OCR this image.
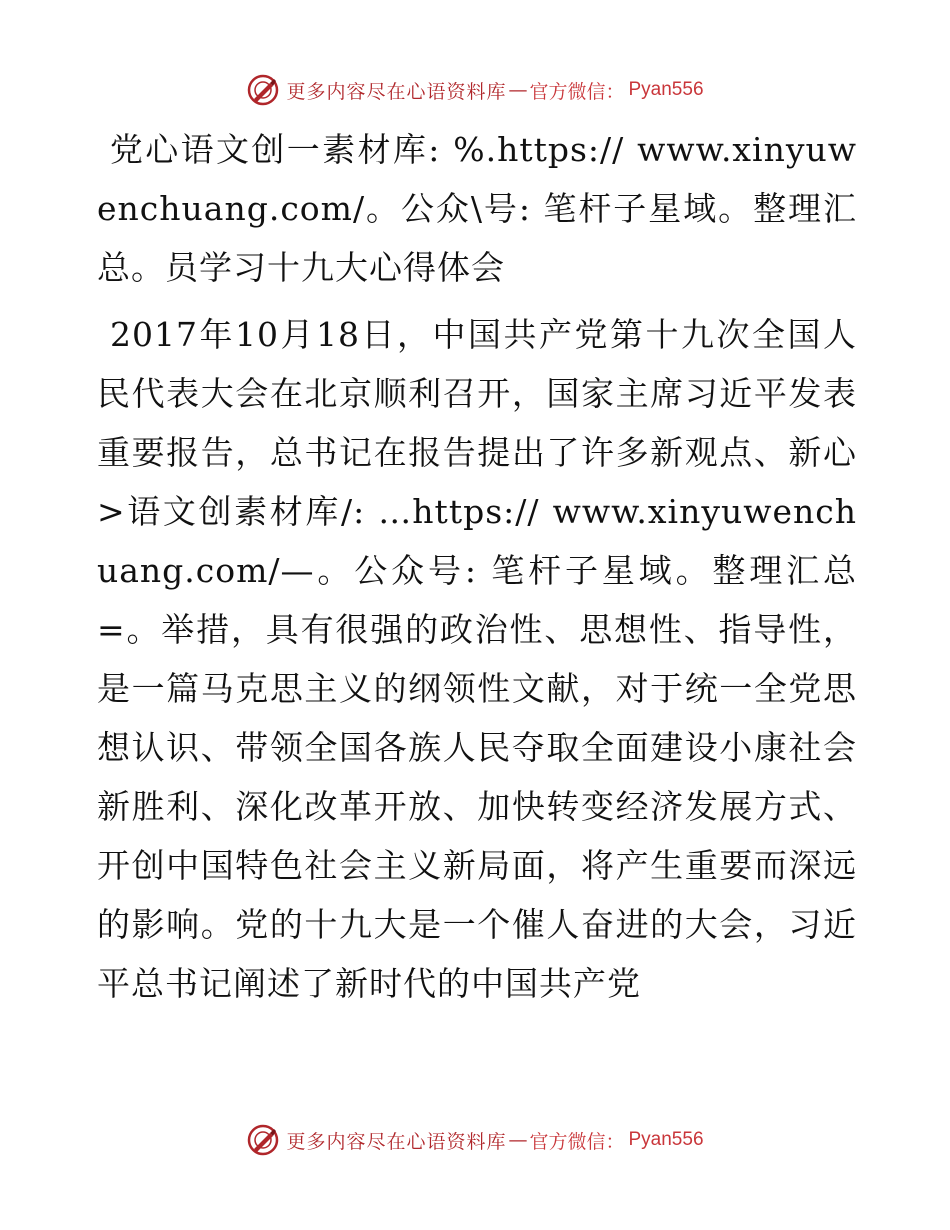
更多内容尽在心语资料库 — 官方微信： Pyan556

党心语文创一素材库: %.https:// www.xinyuwenchuang.com/。公众\号: 笔杆子星域。整理汇总。员学习十九大心得体会

2017年10月18日，中国共产党第十九次全国人民代表大会在北京顺利召开，国家主席习近平发表重要报告，总书记在报告提出了许多新观点、新心>语文创素材库/: …https:// www.xinyuwenchuang.com/—。公众号: 笔杆子星域。整理汇总=。举措，具有很强的政治性、思想性、指导性，是一篇马克思主义的纲领性文献，对于统一全党思想认识、带领全国各族人民夺取全面建设小康社会新胜利、深化改革开放、加快转变经济发展方式、开创中国特色社会主义新局面，将产生重要而深远的影响。党的十九大是一个催人奋进的大会，习近平总书记阐述了新时代的中国共产党

更多内容尽在心语资料库 — 官方微信： Pyan556
